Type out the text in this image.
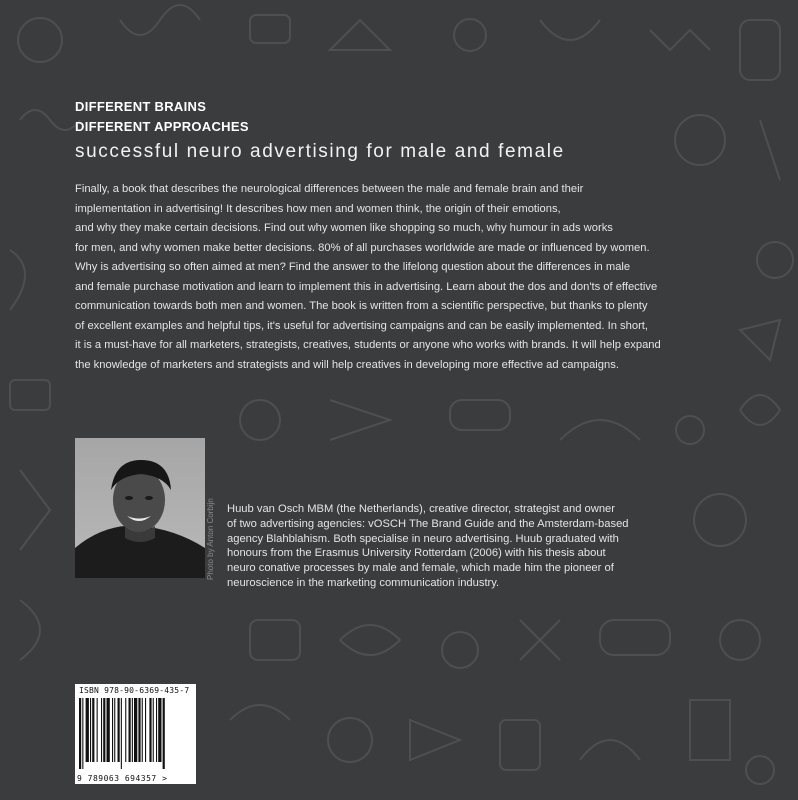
DIFFERENT BRAINS
DIFFERENT APPROACHES
successful neuro advertising for male and female
Finally, a book that describes the neurological differences between the male and female brain and their
implementation in advertising! It describes how men and women think, the origin of their emotions,
and why they make certain decisions. Find out why women like shopping so much, why humour in ads works
for men, and why women make better decisions. 80% of all purchases worldwide are made or influenced by women.
Why is advertising so often aimed at men? Find the answer to the lifelong question about the differences in male
and female purchase motivation and learn to implement this in advertising. Learn about the dos and don'ts of effective
communication towards both men and women. The book is written from a scientific perspective, but thanks to plenty
of excellent examples and helpful tips, it's useful for advertising campaigns and can be easily implemented. In short,
it is a must-have for all marketers, strategists, creatives, students or anyone who works with brands. It will help expand
the knowledge of marketers and strategists and will help creatives in developing more effective ad campaigns.
Photo by Anton Corbijn Huub van Osch MBM (the Netherlands), creative director, strategist and owner
of two advertising agencies: vOSCH The Brand Guide and the Amsterdam-based
agency Blahblahism. Both specialise in neuro advertising. Huub graduated with
honours from the Erasmus University Rotterdam (2006) with his thesis about
neuro conative processes by male and female, which made him the pioneer of
neuroscience in the marketing communication industry.
ISBN 978-90-6369-435-7
9 789063 694357 >
